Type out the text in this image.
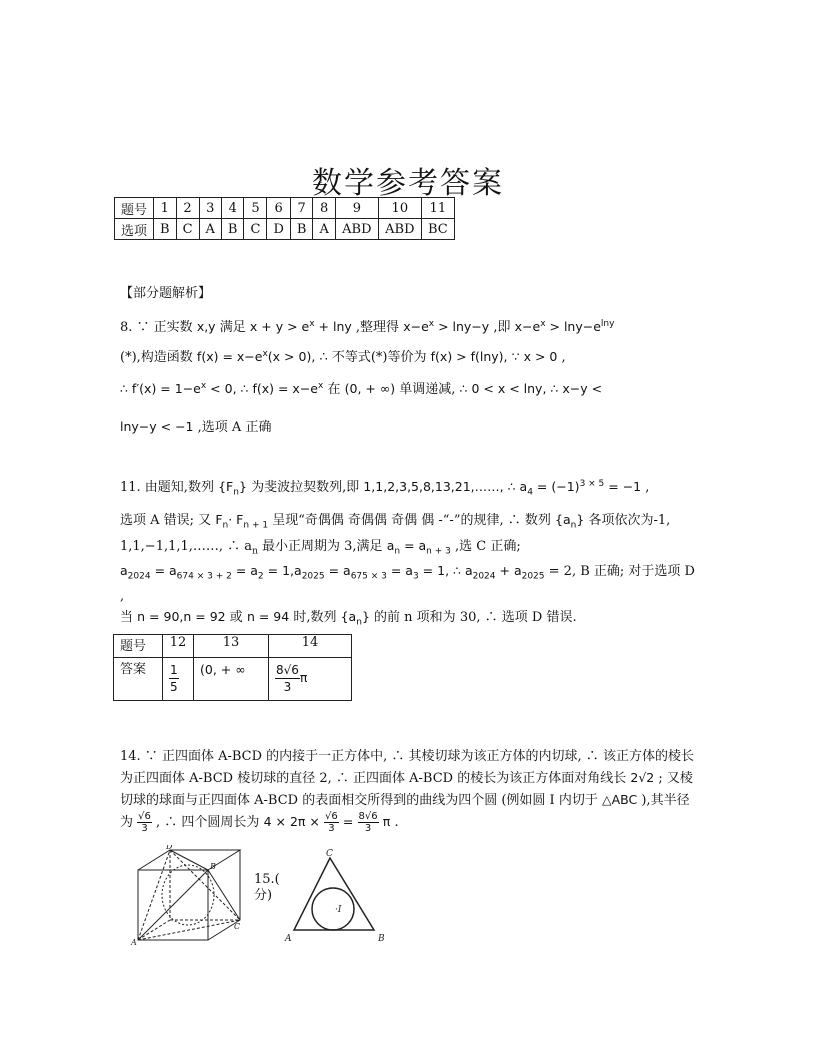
数学参考答案
题号	1	2	3	4	5	6	7	8	9	10	11
选项	B	C	A	B	C	D	B	A	ABD	ABD	BC
【部分题解析】
8. ∵ 正实数 x,y 满足 $x + y > e^x + \ln y$ ,整理得 $x-e^x > \ln y-y$ ,即 $x-e^x > \ln y-e^{lny}$
(*),构造函数 $f(x) = x-e^x(x > 0)$, ∴ 不等式(*)等价为 f(x) > f(lny), ∵ x > 0 ,
∴ $f'(x) = 1-e^x < 0$, ∴ $f(x) = x-e^x$ 在 (0, + ∞) 单调递减, ∴ 0 < x < lny, ∴ x−y <
lny−y < −1 ,选项 A 正确
11. 由题知,数列 $\{F_n\}$ 为斐波拉契数列,即 1,1,2,3,5,8,13,21,……, ∴ $a_4 = (-1)^{3 \times 5} = -1$ ,
选项 A 错误; 又 $F_n\cdot F_{n + 1}$ 呈现“奇偶偶 奇偶偶 奇偶 偶 -“-”的规律, ∴ 数列 $\{a_n\}$ 各项依次为-1, 1,1,−1,1,1,……, ∴ $a_n$ 最小正周期为 3,满足 $a_n = a_{n + 3}$ ,选 C 正确;
$a_{2024} = a_{674 \times 3 + 2} = a_2 = 1,a_{2025} = a_{675 \times 3} = a_3 = 1$, ∴ $a_{2024} + a_{2025} = 2$, B 正确; 对于选项 D ,
当 n = 90,n = 92 或 n = 94 时,数列 $\{a_n\}$ 的前 n 项和为 30, ∴ 选项 D 错误.
题号	12	13	14
答案	$\frac{1}{5}$	(0, + ∞	$\frac{8√6}{3}$ π
14. ∵ 正四面体 A-BCD 的内接于一正方体中, ∴ 其棱切球为该正方体的内切球, ∴ 该正方体的棱长为正四面体 A-BCD 棱切球的直径 2, ∴ 正四面体 A-BCD 的棱长为该正方体面对角线长 2√2 ; 又棱切球的球面与正四面体 A-BCD 的表面相交所得到的曲线为四个圆 (例如圆 I 内切于 △ABC ),其半径为 $\frac{√6}{3}$ , ∴ 四个圆周长为 $4 \times 2\pi \times \frac{√6}{3} = \frac{8√6}{3}$ π .
D
B
C
A
15.(
分)
C
A	B
·I
